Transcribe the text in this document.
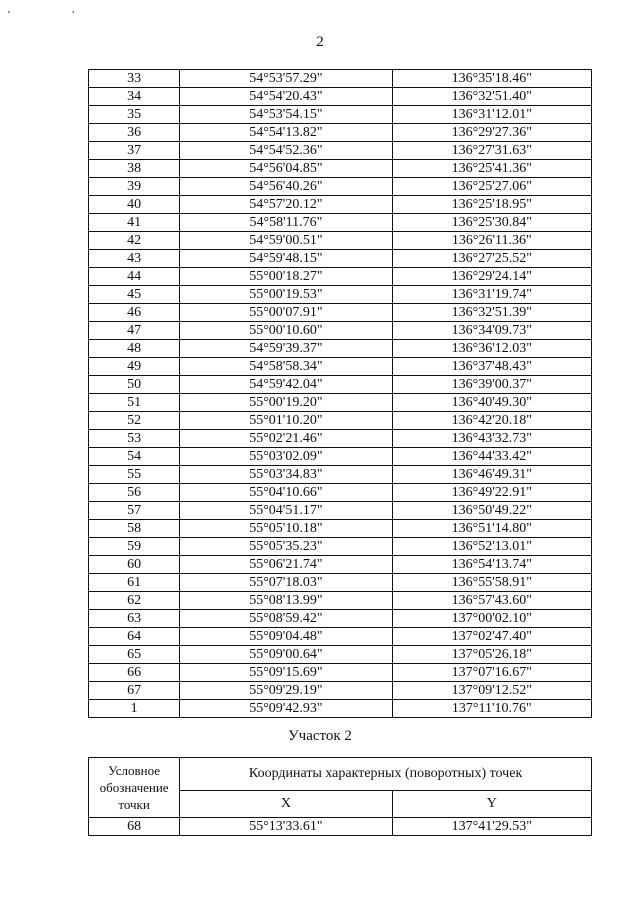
' '
2
33	54°53'57.29"	136°35'18.46"
34	54°54'20.43"	136°32'51.40"
35	54°53'54.15"	136°31'12.01"
36	54°54'13.82"	136°29'27.36"
37	54°54'52.36"	136°27'31.63"
38	54°56'04.85"	136°25'41.36"
39	54°56'40.26"	136°25'27.06"
40	54°57'20.12"	136°25'18.95"
41	54°58'11.76"	136°25'30.84"
42	54°59'00.51"	136°26'11.36"
43	54°59'48.15"	136°27'25.52"
44	55°00'18.27"	136°29'24.14"
45	55°00'19.53"	136°31'19.74"
46	55°00'07.91"	136°32'51.39"
47	55°00'10.60"	136°34'09.73"
48	54°59'39.37"	136°36'12.03"
49	54°58'58.34"	136°37'48.43"
50	54°59'42.04"	136°39'00.37"
51	55°00'19.20"	136°40'49.30"
52	55°01'10.20"	136°42'20.18"
53	55°02'21.46"	136°43'32.73"
54	55°03'02.09"	136°44'33.42"
55	55°03'34.83"	136°46'49.31"
56	55°04'10.66"	136°49'22.91"
57	55°04'51.17"	136°50'49.22"
58	55°05'10.18"	136°51'14.80"
59	55°05'35.23"	136°52'13.01"
60	55°06'21.74"	136°54'13.74"
61	55°07'18.03"	136°55'58.91"
62	55°08'13.99"	136°57'43.60"
63	55°08'59.42"	137°00'02.10"
64	55°09'04.48"	137°02'47.40"
65	55°09'00.64"	137°05'26.18"
66	55°09'15.69"	137°07'16.67"
67	55°09'29.19"	137°09'12.52"
1	55°09'42.93"	137°11'10.76"
Участок 2
Условное обозначение точки	Координаты характерных (поворотных) точек	
	X	Y
68	55°13'33.61"	137°41'29.53"
